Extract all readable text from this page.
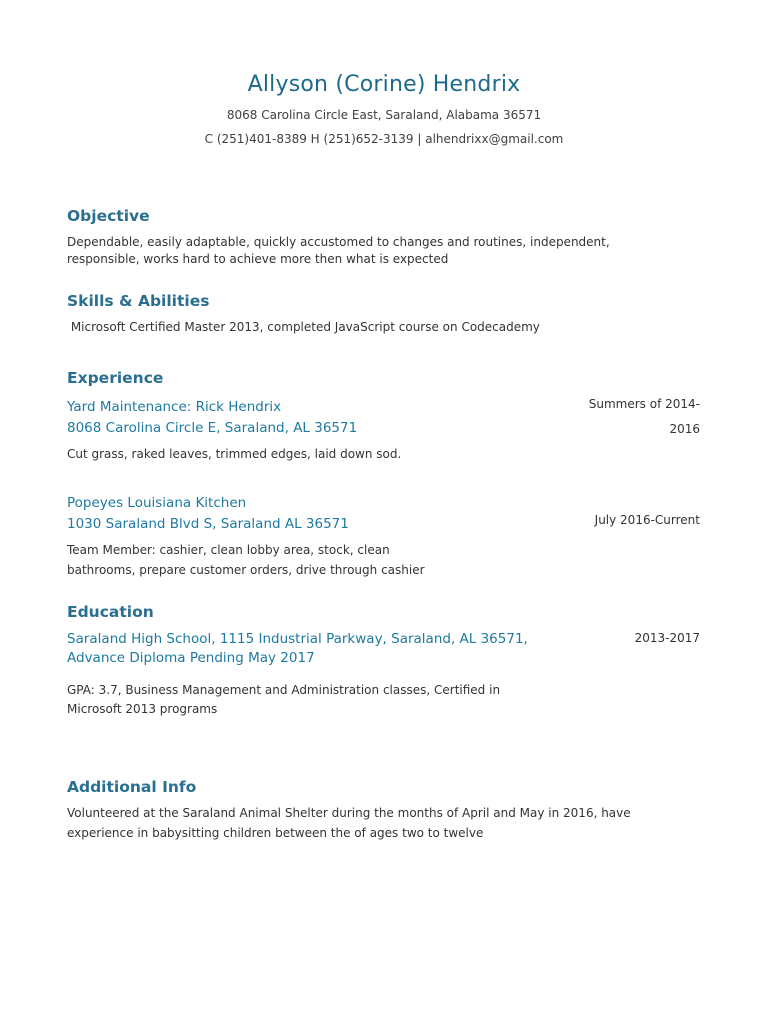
Allyson (Corine) Hendrix
8068 Carolina Circle East, Saraland, Alabama 36571
C (251)401-8389 H (251)652-3139 | alhendrixx@gmail.com
Objective
Dependable, easily adaptable, quickly accustomed to changes and routines, independent,
responsible, works hard to achieve more then what is expected
Skills & Abilities
Microsoft Certified Master 2013, completed JavaScript course on Codecademy
Experience
Yard Maintenance: Rick Hendrix
8068 Carolina Circle E, Saraland, AL 36571
Summers of 2014-
2016
Cut grass, raked leaves, trimmed edges, laid down sod.
Popeyes Louisiana Kitchen
1030 Saraland Blvd S, Saraland AL 36571	July 2016-Current
Team Member: cashier, clean lobby area, stock, clean
bathrooms, prepare customer orders, drive through cashier
Education
Saraland High School, 1115 Industrial Parkway, Saraland, AL 36571,
Advance Diploma Pending May 2017
2013-2017
GPA: 3.7, Business Management and Administration classes, Certified in
Microsoft 2013 programs
Additional Info
Volunteered at the Saraland Animal Shelter during the months of April and May in 2016, have
experience in babysitting children between the of ages two to twelve
